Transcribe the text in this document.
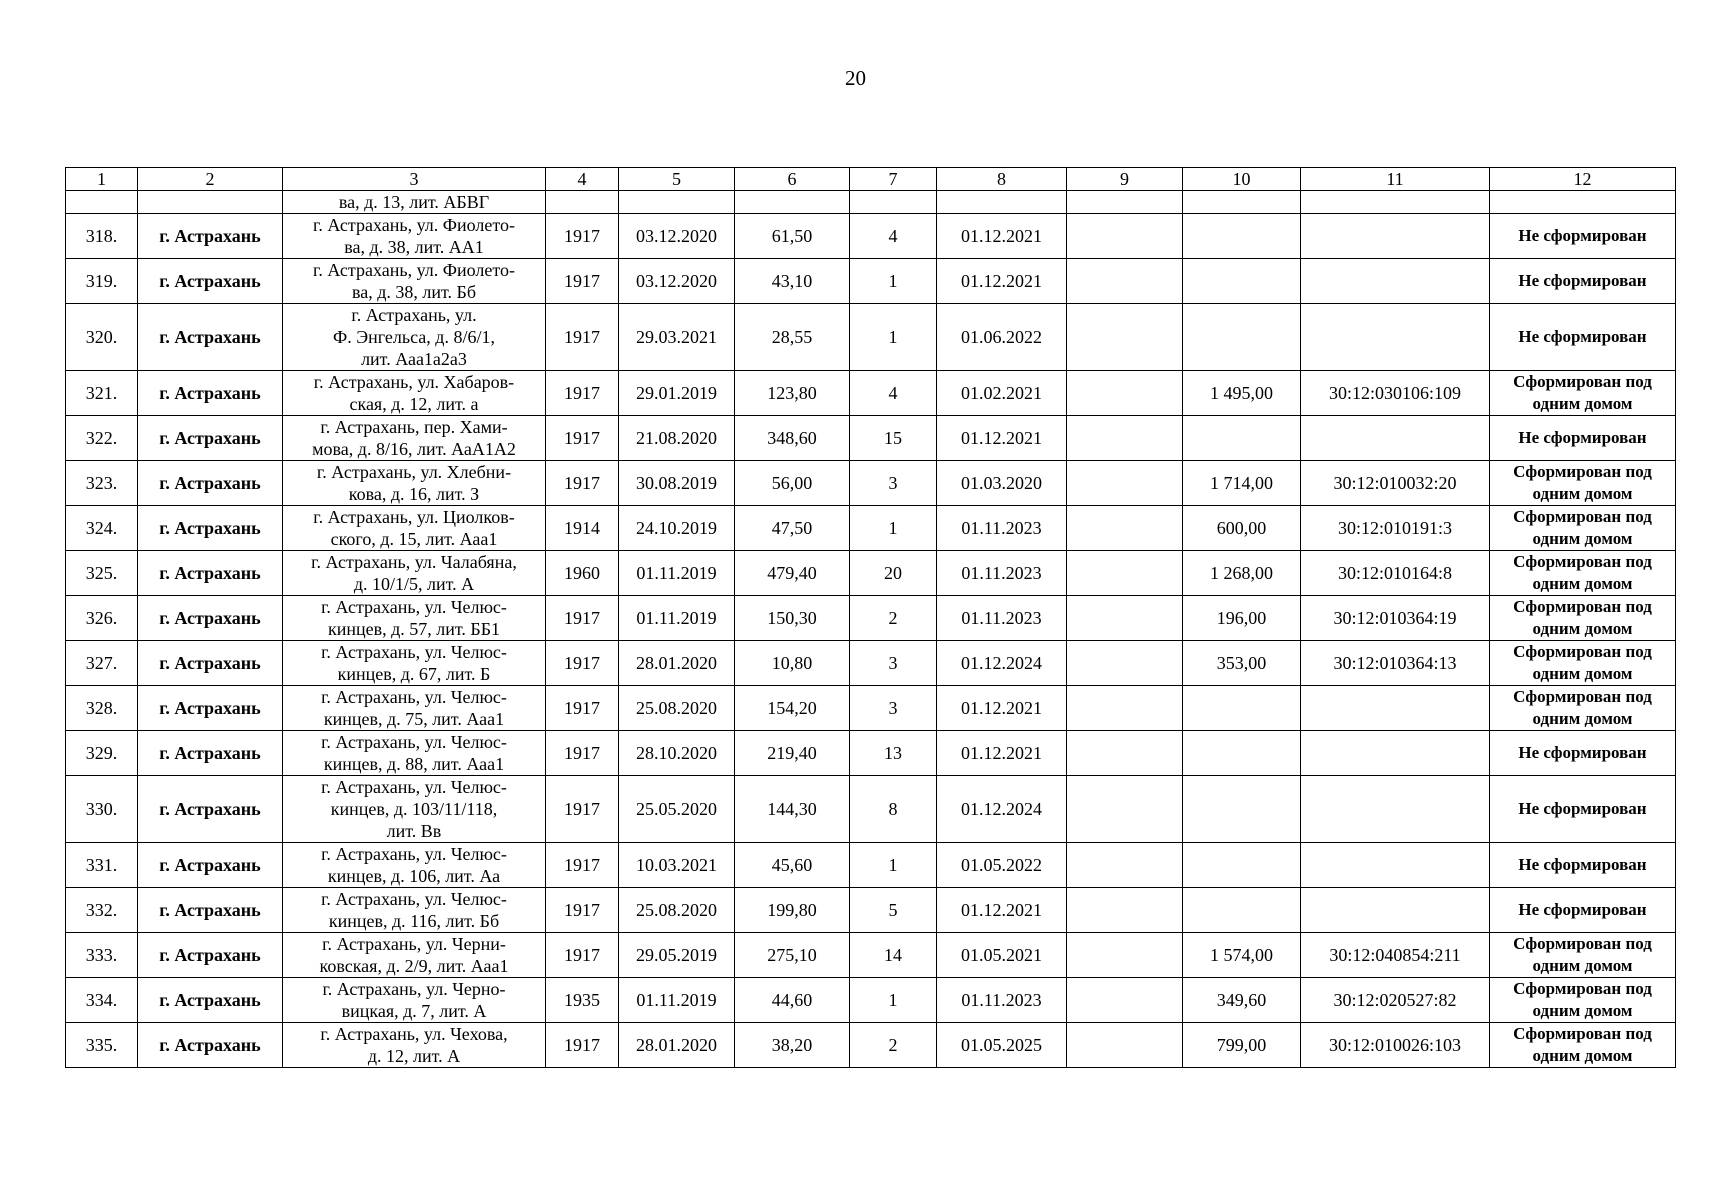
20
1	2	3	4	5	6	7	8	9	10	11	12
		ва, д. 13, лит. АБВГ									
318.	г. Астрахань	г. Астрахань, ул. Фиолето-
ва, д. 38, лит. АА1	1917	03.12.2020	61,50	4	01.12.2021				Не сформирован
319.	г. Астрахань	г. Астрахань, ул. Фиолето-
ва, д. 38, лит. Бб	1917	03.12.2020	43,10	1	01.12.2021				Не сформирован
320.	г. Астрахань	г. Астрахань, ул.
Ф. Энгельса, д. 8/6/1,
лит. Ааа1а2а3	1917	29.03.2021	28,55	1	01.06.2022				Не сформирован
321.	г. Астрахань	г. Астрахань, ул. Хабаров-
ская, д. 12, лит. а	1917	29.01.2019	123,80	4	01.02.2021		1 495,00	30:12:030106:109	Сформирован под
одним домом
322.	г. Астрахань	г. Астрахань, пер. Хами-
мова, д. 8/16, лит. АаА1А2	1917	21.08.2020	348,60	15	01.12.2021				Не сформирован
323.	г. Астрахань	г. Астрахань, ул. Хлебни-
кова, д. 16, лит. З	1917	30.08.2019	56,00	3	01.03.2020		1 714,00	30:12:010032:20	Сформирован под
одним домом
324.	г. Астрахань	г. Астрахань, ул. Циолков-
ского, д. 15, лит. Ааа1	1914	24.10.2019	47,50	1	01.11.2023		600,00	30:12:010191:3	Сформирован под
одним домом
325.	г. Астрахань	г. Астрахань, ул. Чалабяна,
д. 10/1/5, лит. А	1960	01.11.2019	479,40	20	01.11.2023		1 268,00	30:12:010164:8	Сформирован под
одним домом
326.	г. Астрахань	г. Астрахань, ул. Челюс-
кинцев, д. 57, лит. ББ1	1917	01.11.2019	150,30	2	01.11.2023		196,00	30:12:010364:19	Сформирован под
одним домом
327.	г. Астрахань	г. Астрахань, ул. Челюс-
кинцев, д. 67, лит. Б	1917	28.01.2020	10,80	3	01.12.2024		353,00	30:12:010364:13	Сформирован под
одним домом
328.	г. Астрахань	г. Астрахань, ул. Челюс-
кинцев, д. 75, лит. Ааа1	1917	25.08.2020	154,20	3	01.12.2021				Сформирован под
одним домом
329.	г. Астрахань	г. Астрахань, ул. Челюс-
кинцев, д. 88, лит. Ааа1	1917	28.10.2020	219,40	13	01.12.2021				Не сформирован
330.	г. Астрахань	г. Астрахань, ул. Челюс-
кинцев, д. 103/11/118,
лит. Вв	1917	25.05.2020	144,30	8	01.12.2024				Не сформирован
331.	г. Астрахань	г. Астрахань, ул. Челюс-
кинцев, д. 106, лит. Аа	1917	10.03.2021	45,60	1	01.05.2022				Не сформирован
332.	г. Астрахань	г. Астрахань, ул. Челюс-
кинцев, д. 116, лит. Бб	1917	25.08.2020	199,80	5	01.12.2021				Не сформирован
333.	г. Астрахань	г. Астрахань, ул. Черни-
ковская, д. 2/9, лит. Ааа1	1917	29.05.2019	275,10	14	01.05.2021		1 574,00	30:12:040854:211	Сформирован под
одним домом
334.	г. Астрахань	г. Астрахань, ул. Черно-
вицкая, д. 7, лит. А	1935	01.11.2019	44,60	1	01.11.2023		349,60	30:12:020527:82	Сформирован под
одним домом
335.	г. Астрахань	г. Астрахань, ул. Чехова,
д. 12, лит. А	1917	28.01.2020	38,20	2	01.05.2025		799,00	30:12:010026:103	Сформирован под
одним домом
